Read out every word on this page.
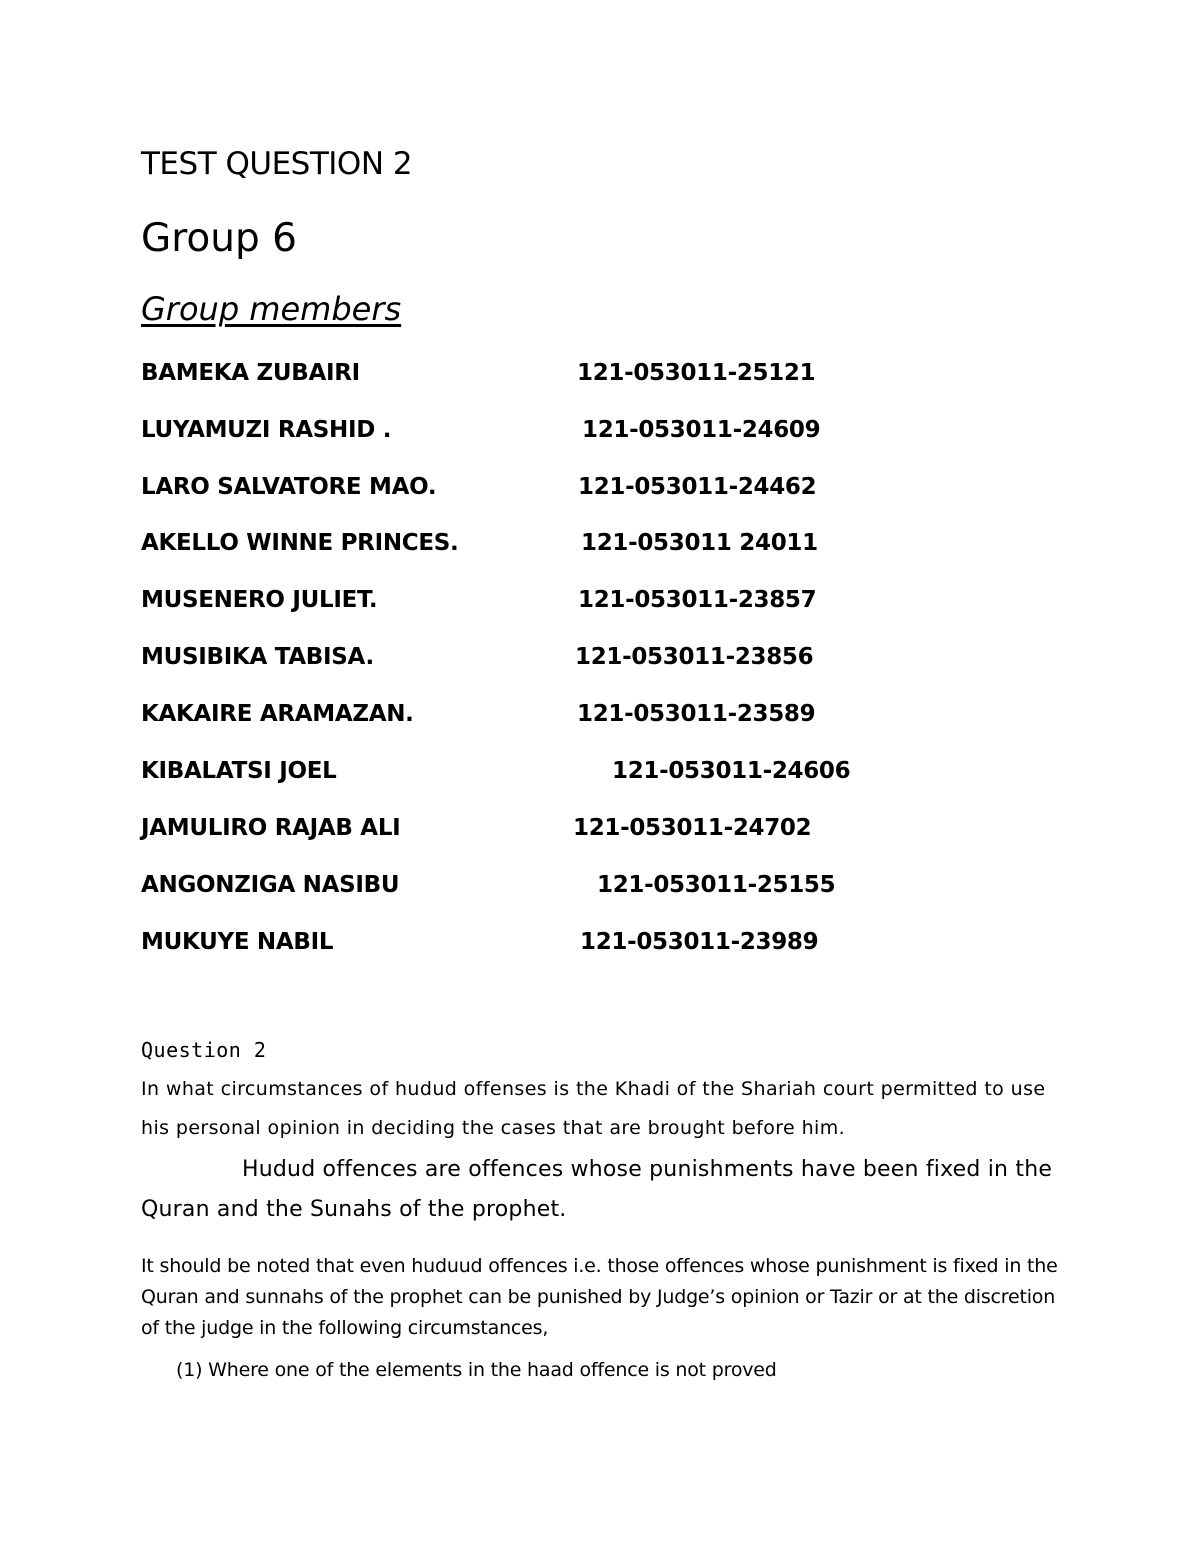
TEST QUESTION 2
Group 6
Group members
BAMEKA ZUBAIRI	121-053011-25121
LUYAMUZI RASHID .	121-053011-24609
LARO SALVATORE MAO.	121-053011-24462
AKELLO WINNE PRINCES.	121-053011 24011
MUSENERO JULIET.	121-053011-23857
MUSIBIKA TABISA.	121-053011-23856
KAKAIRE ARAMAZAN.	121-053011-23589
KIBALATSI JOEL	121-053011-24606
JAMULIRO RAJAB ALI	121-053011-24702
ANGONZIGA NASIBU	121-053011-25155
MUKUYE NABIL	121-053011-23989
Question 2
In what circumstances of hudud offenses is the Khadi of the Shariah court permitted to use his personal opinion in deciding the cases that are brought before him.
Hudud offences are offences whose punishments have been fixed in the Quran and the Sunahs of the prophet.
It should be noted that even huduud offences i.e. those offences whose punishment is fixed in the Quran and sunnahs of the prophet can be punished by Judge’s opinion or Tazir or at the discretion of the judge in the following circumstances,
(1) Where one of the elements in the haad offence is not proved
